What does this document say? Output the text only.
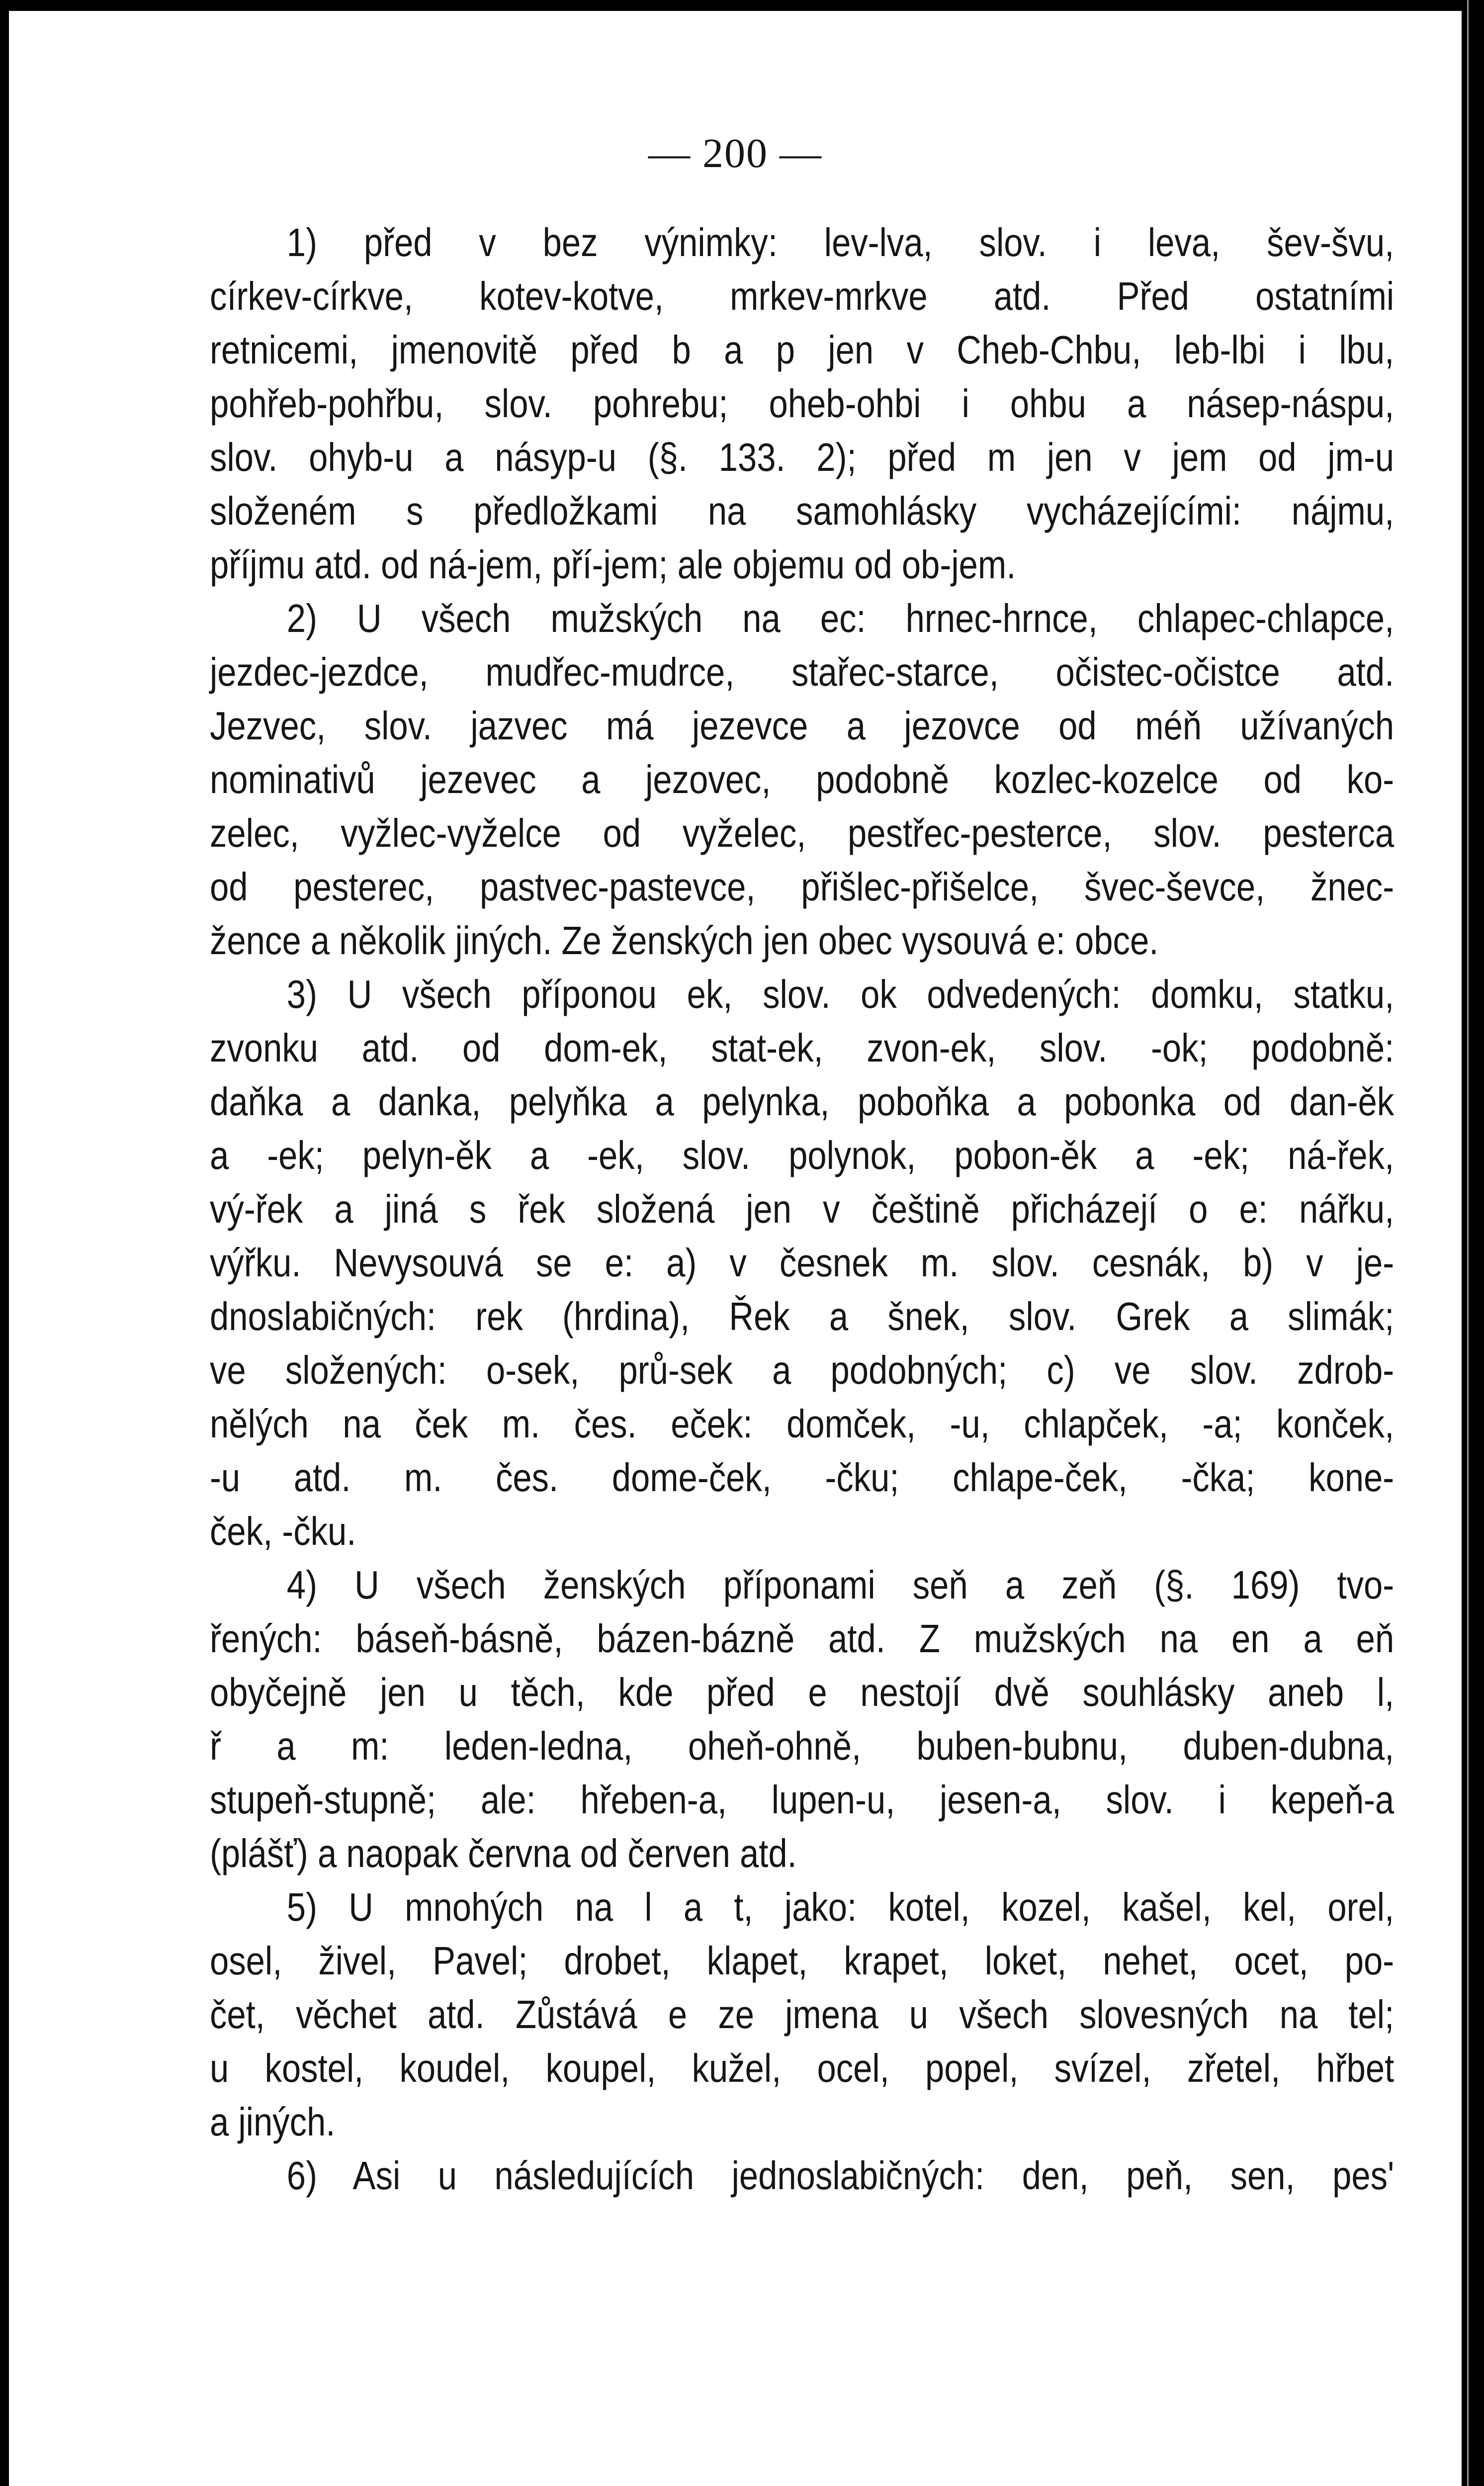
— 200 —
1) před v bez výnimky: lev-lva, slov. i leva, šev-švu,
církev-církve, kotev-kotve, mrkev-mrkve atd. Před ostatními
retnicemi, jmenovitě před b a p jen v Cheb-Chbu, leb-lbi i lbu,
pohřeb-pohřbu, slov. pohrebu; oheb-ohbi i ohbu a násep-náspu,
slov. ohyb-u a násyp-u (§. 133. 2); před m jen v jem od jm-u
složeném s předložkami na samohlásky vycházejícími: nájmu,
příjmu atd. od ná-jem, pří-jem; ale objemu od ob-jem.
2) U všech mužských na ec: hrnec-hrnce, chlapec-chlapce,
jezdec-jezdce, mudřec-mudrce, stařec-starce, očistec-očistce atd.
Jezvec, slov. jazvec má jezevce a jezovce od méň užívaných
nominativů jezevec a jezovec, podobně kozlec-kozelce od ko-
zelec, vyžlec-vyželce od vyželec, pestřec-pesterce, slov. pesterca
od pesterec, pastvec-pastevce, přišlec-přišelce, švec-ševce, žnec-
žence a několik jiných. Ze ženských jen obec vysouvá e: obce.
3) U všech příponou ek, slov. ok odvedených: domku, statku,
zvonku atd. od dom-ek, stat-ek, zvon-ek, slov. -ok; podobně:
daňka a danka, pelyňka a pelynka, poboňka a pobonka od dan-ěk
a -ek; pelyn-ěk a -ek, slov. polynok, pobon-ěk a -ek; ná-řek,
vý-řek a jiná s řek složená jen v češtině přicházejí o e: nářku,
výřku. Nevysouvá se e: a) v česnek m. slov. cesnák, b) v je-
dnoslabičných: rek (hrdina), Řek a šnek, slov. Grek a slimák;
ve složených: o-sek, prů-sek a podobných; c) ve slov. zdrob-
nělých na ček m. čes. eček: domček, -u, chlapček, -a; konček,
-u atd. m. čes. dome-ček, -čku; chlape-ček, -čka; kone-
ček, -čku.
4) U všech ženských příponami seň a zeň (§. 169) tvo-
řených: báseň-básně, bázen-bázně atd. Z mužských na en a eň
obyčejně jen u těch, kde před e nestojí dvě souhlásky aneb l,
ř a m: leden-ledna, oheň-ohně, buben-bubnu, duben-dubna,
stupeň-stupně; ale: hřeben-a, lupen-u, jesen-a, slov. i kepeň-a
(plášť) a naopak června od červen atd.
5) U mnohých na l a t, jako: kotel, kozel, kašel, kel, orel,
osel, živel, Pavel; drobet, klapet, krapet, loket, nehet, ocet, po-
čet, věchet atd. Zůstává e ze jmena u všech slovesných na tel;
u kostel, koudel, koupel, kužel, ocel, popel, svízel, zřetel, hřbet
a jiných.
6) Asi u následujících jednoslabičných: den, peň, sen, pes'
